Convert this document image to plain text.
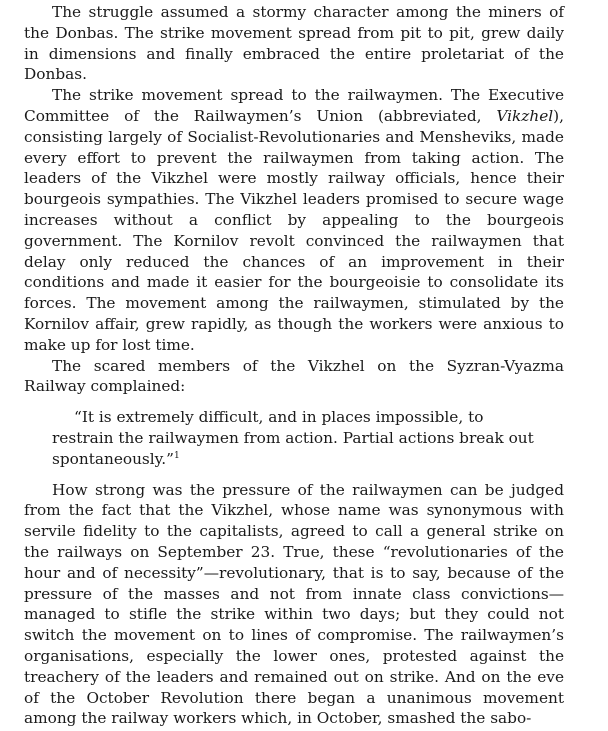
The struggle assumed a stormy character among the miners of the Donbas. The strike movement spread from pit to pit, grew daily in dimensions and finally embraced the entire proletariat of the Donbas.

The strike movement spread to the railwaymen. The Executive Committee of the Railwaymen’s Union (abbreviated, Vikzhel), consisting largely of Socialist-Revolutionaries and Mensheviks, made every effort to prevent the railwaymen from taking action. The leaders of the Vikzhel were mostly railway officials, hence their bourgeois sympathies. The Vikzhel leaders promised to secure wage increases without a conflict by appealing to the bourgeois government. The Kornilov revolt convinced the railwaymen that delay only reduced the chances of an improvement in their conditions and made it easier for the bourgeoisie to consolidate its forces. The movement among the railwaymen, stimulated by the Kornilov affair, grew rapidly, as though the workers were anxious to make up for lost time.

The scared members of the Vikzhel on the Syzran-Vyazma Railway complained:

“It is extremely difficult, and in places impossible, to restrain the railwaymen from action. Partial actions break out spontaneously.”$^1$

How strong was the pressure of the railwaymen can be judged from the fact that the Vikzhel, whose name was synonymous with servile fidelity to the capitalists, agreed to call a general strike on the railways on September 23. True, these “revolutionaries of the hour and of necessity”—revolutionary, that is to say, because of the pressure of the masses and not from innate class convictions—managed to stifle the strike within two days; but they could not switch the movement on to lines of compromise. The railwaymen’s organisations, especially the lower ones, protested against the treachery of the leaders and remained out on strike. And on the eve of the October Revolution there began a unanimous movement among the railway workers which, in October, smashed the sabo-
